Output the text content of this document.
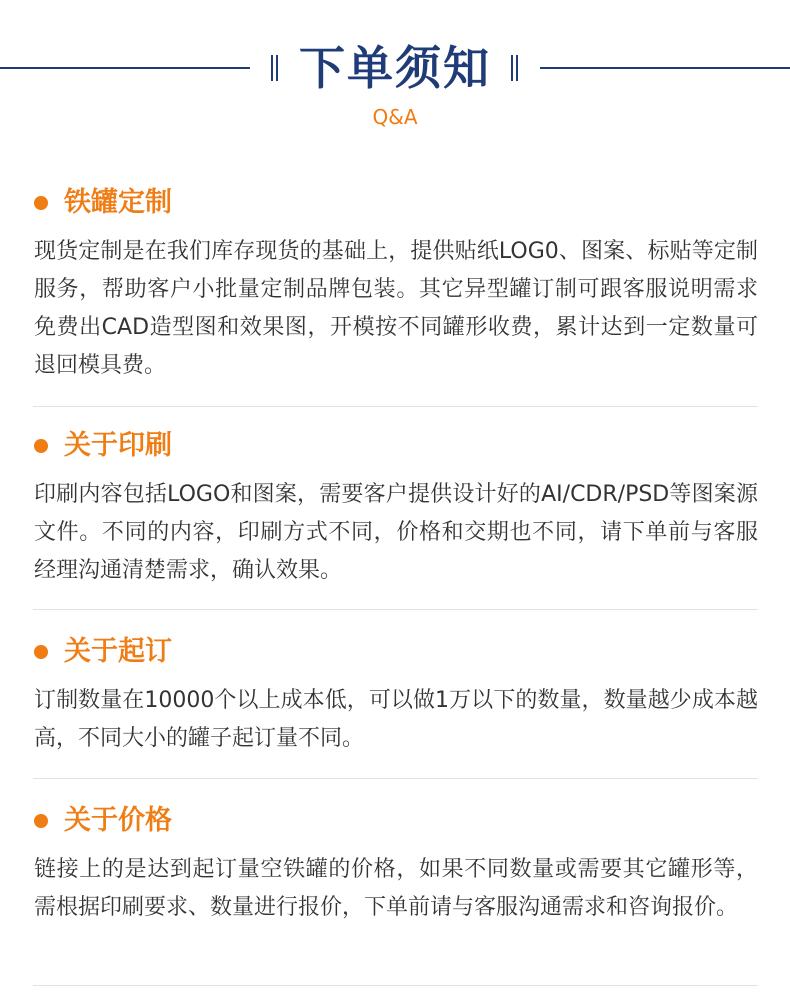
下单须知
Q&A
铁罐定制
现货定制是在我们库存现货的基础上，提供贴纸LOG0、图案、标贴等定制服务，帮助客户小批量定制品牌包装。其它异型罐订制可跟客服说明需求免费出CAD造型图和效果图，开模按不同罐形收费，累计达到一定数量可退回模具费。
关于印刷
印刷内容包括LOGO和图案，需要客户提供设计好的AI/CDR/PSD等图案源文件。不同的内容，印刷方式不同，价格和交期也不同，请下单前与客服经理沟通清楚需求，确认效果。
关于起订
订制数量在10000个以上成本低，可以做1万以下的数量，数量越少成本越高，不同大小的罐子起订量不同。
关于价格
链接上的是达到起订量空铁罐的价格，如果不同数量或需要其它罐形等，需根据印刷要求、数量进行报价，下单前请与客服沟通需求和咨询报价。
